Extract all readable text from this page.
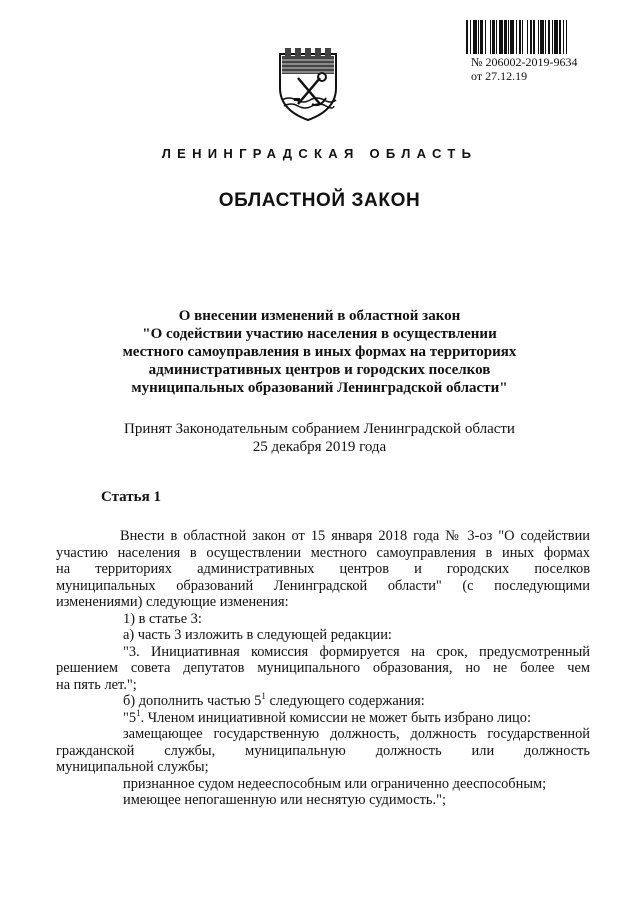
№ 206002-2019-9634
от 27.12.19
ЛЕНИНГРАДСКАЯ ОБЛАСТЬ
ОБЛАСТНОЙ ЗАКОН
О внесении изменений в областной закон
"О содействии участию населения в осуществлении
местного самоуправления в иных формах на территориях
административных центров и городских поселков
муниципальных образований Ленинградской области"
Принят Законодательным собранием Ленинградской области
25 декабря 2019 года
Статья 1

Внести в областной закон от 15 января 2018 года № 3-оз "О содействии

участию населения в осуществлении местного самоуправления в иных формах

на территориях административных центров и городских поселков

муниципальных образований Ленинградской области" (с последующими

изменениями) следующие изменения:

1) в статье 3:

а) часть 3 изложить в следующей редакции:

"3. Инициативная комиссия формируется на срок, предусмотренный

решением совета депутатов муниципального образования, но не более чем

на пять лет.";

б) дополнить частью $5^1$ следующего содержания:

"$5^1$. Членом инициативной комиссии не может быть избрано лицо:

замещающее государственную должность, должность государственной

гражданской службы, муниципальную должность или должность

муниципальной службы;

признанное судом недееспособным или ограниченно дееспособным;

имеющее непогашенную или неснятую судимость.";
